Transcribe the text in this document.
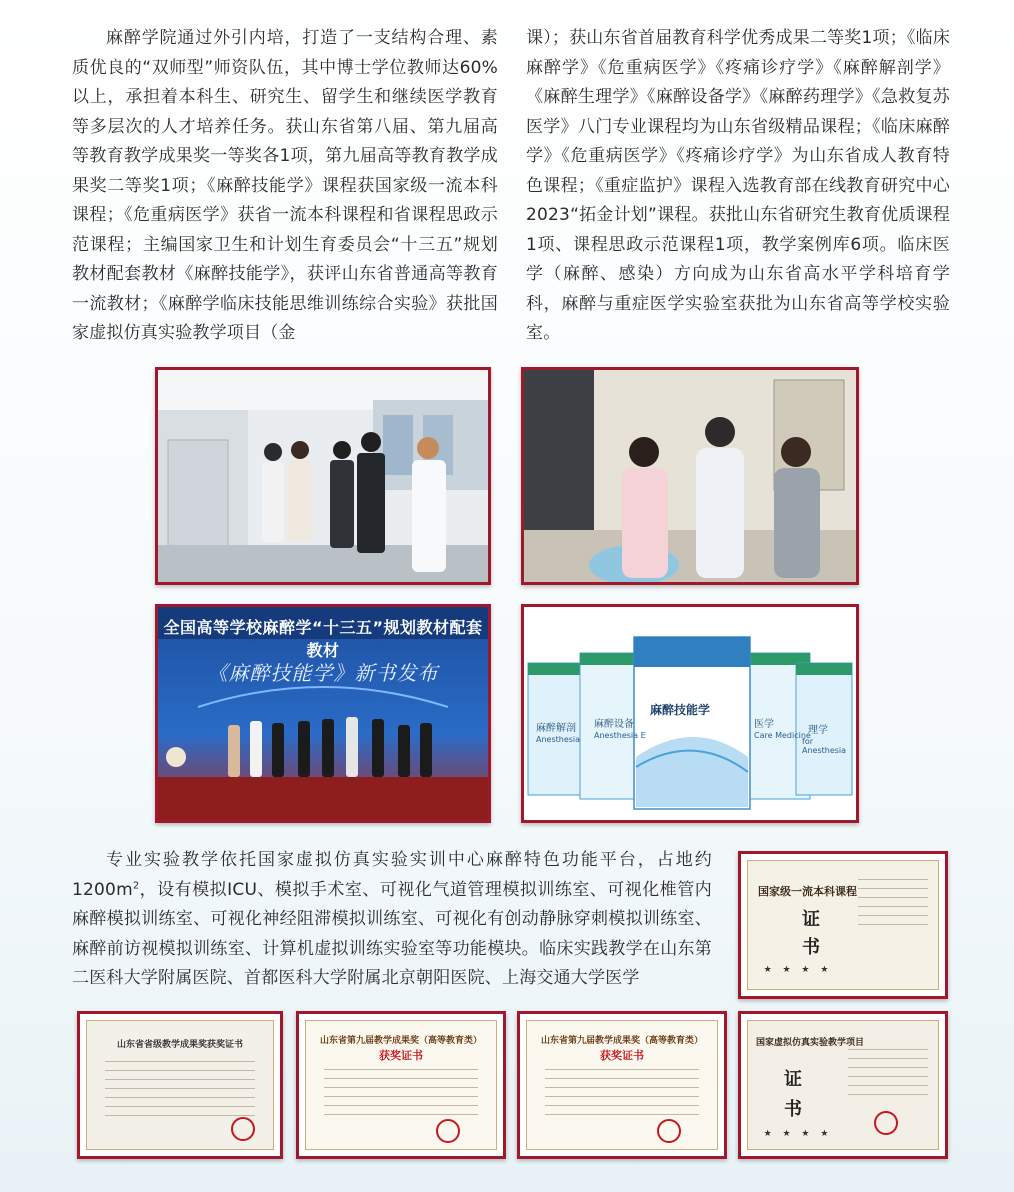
麻醉学院通过外引内培，打造了一支结构合理、素质优良的“双师型”师资队伍，其中博士学位教师达60%以上，承担着本科生、研究生、留学生和继续医学教育等多层次的人才培养任务。获山东省第八届、第九届高等教育教学成果奖一等奖各1项，第九届高等教育教学成果奖二等奖1项；《麻醉技能学》课程获国家级一流本科课程；《危重病医学》获省一流本科课程和省课程思政示范课程；主编国家卫生和计划生育委员会“十三五”规划教材配套教材《麻醉技能学》，获评山东省普通高等教育一流教材；《麻醉学临床技能思维训练综合实验》获批国家虚拟仿真实验教学项目（金

课）；获山东省首届教育科学优秀成果二等奖1项；《临床麻醉学》《危重病医学》《疼痛诊疗学》《麻醉解剖学》《麻醉生理学》《麻醉设备学》《麻醉药理学》《急救复苏医学》八门专业课程均为山东省级精品课程；《临床麻醉学》《危重病医学》《疼痛诊疗学》为山东省成人教育特色课程；《重症监护》课程入选教育部在线教育研究中心2023“拓金计划”课程。获批山东省研究生教育优质课程1项、课程思政示范课程1项，教学案例库6项。临床医学（麻醉、感染）方向成为山东省高水平学科培育学科，麻醉与重症医学实验室获批为山东省高等学校实验室。

全国高等学校麻醉学“十三五”规划教材配套教材
《麻醉技能学》新书发布
麻醉技能学
麻醉设备
Anesthesia E
麻醉解剖
Anesthesia
医学
Care Medicine
理学
for Anesthesia

专业实验教学依托国家虚拟仿真实验实训中心麻醉特色功能平台，占地约$1200m^2$，设有模拟ICU、模拟手术室、可视化气道管理模拟训练室、可视化椎管内麻醉模拟训练室、可视化神经阻滞模拟训练室、可视化有创动静脉穿刺模拟训练室、麻醉前访视模拟训练室、计算机虚拟训练实验室等功能模块。临床实践教学在山东第二医科大学附属医院、首都医科大学附属北京朝阳医院、上海交通大学医学

国家级一流本科课程
证
书
★ ★ ★ ★
山东省省级教学成果奖获奖证书	山东省第九届教学成果奖（高等教育类）
获奖证书
山东省第九届教学成果奖（高等教育类）
获奖证书
国家虚拟仿真实验教学项目
证
书
★ ★ ★ ★
